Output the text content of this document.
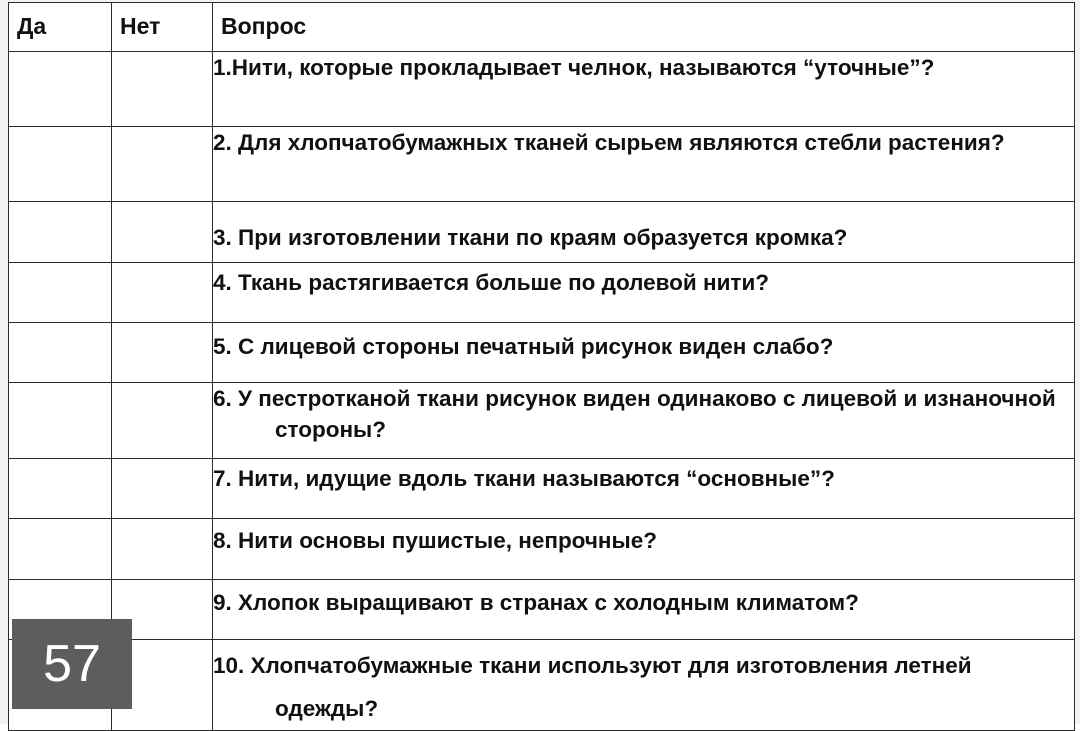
Да	Нет	Вопрос

		1.Нити, которые прокладывает челнок, называются “уточные”?

		2. Для хлопчатобумажных тканей сырьем являются стебли растения?

		3. При изготовлении ткани по краям образуется кромка?

		4. Ткань растягивается больше по долевой нити?

		5. С лицевой стороны печатный рисунок виден слабо?

		6. У пестротканой ткани рисунок виден одинаково с лицевой и изнаночной стороны?

		7. Нити, идущие вдоль ткани называются “основные”?

		8. Нити основы пушистые, непрочные?

		9. Хлопок выращивают в странах с холодным климатом?

		10. Хлопчатобумажные ткани используют для изготовления летней одежды?
57
